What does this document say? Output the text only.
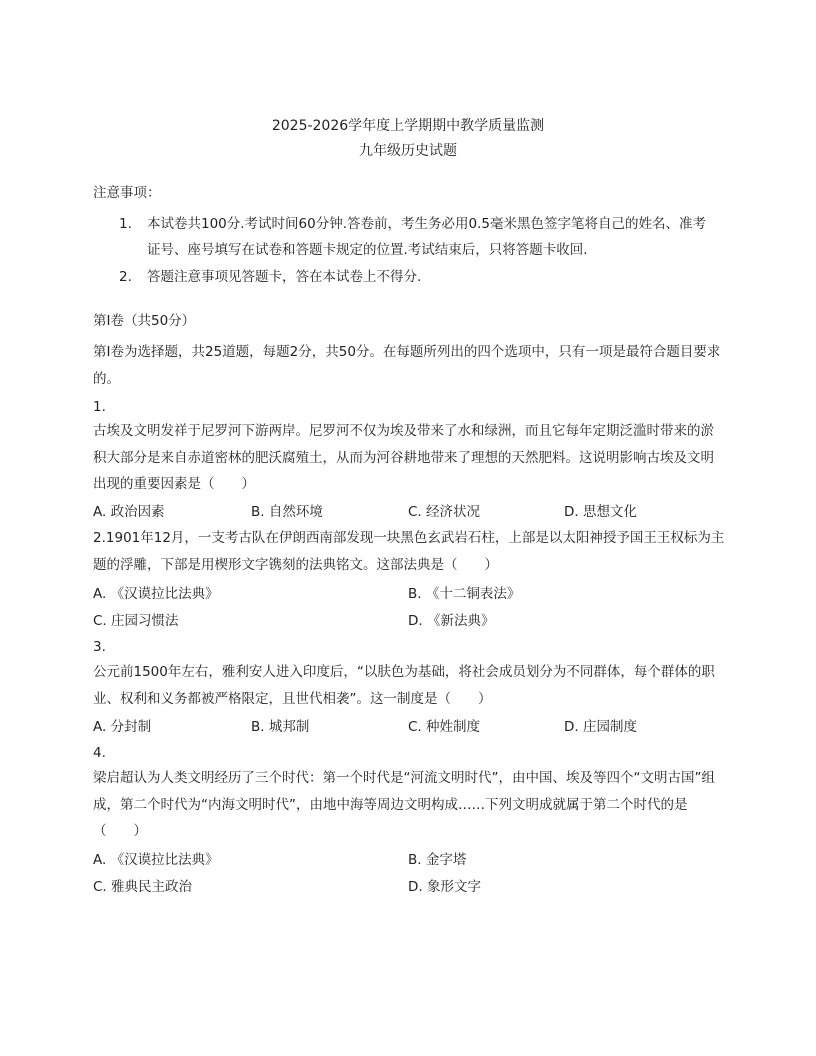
2025-2026学年度上学期期中教学质量监测
九年级历史试题
注意事项：
1.	本试卷共100分.考试时间60分钟.答卷前，考生务必用0.5毫米黑色签字笔将自己的姓名、准考证号、座号填写在试卷和答题卡规定的位置.考试结束后，只将答题卡收回.
2.	答题注意事项见答题卡，答在本试卷上不得分.
第Ⅰ卷（共50分）
第Ⅰ卷为选择题，共25道题，每题2分，共50分。在每题所列出的四个选项中，只有一项是最符合题目要求的。
1.
古埃及文明发祥于尼罗河下游两岸。尼罗河不仅为埃及带来了水和绿洲，而且它每年定期泛滥时带来的淤积大部分是来自赤道密林的肥沃腐殖土，从而为河谷耕地带来了理想的天然肥料。这说明影响古埃及文明出现的重要因素是（　　）
A. 政治因素	B. 自然环境	C. 经济状况	D. 思想文化
2.1901年12月，一支考古队在伊朗西南部发现一块黑色玄武岩石柱，上部是以太阳神授予国王王权标为主题的浮雕，下部是用楔形文字镌刻的法典铭文。这部法典是（　　）
A. 《汉谟拉比法典》	B. 《十二铜表法》
C. 庄园习惯法	D. 《新法典》
3.
公元前1500年左右，雅利安人进入印度后，“以肤色为基础，将社会成员划分为不同群体，每个群体的职业、权利和义务都被严格限定，且世代相袭”。这一制度是（　　）
A. 分封制	B. 城邦制	C. 种姓制度	D. 庄园制度
4.
梁启超认为人类文明经历了三个时代：第一个时代是“河流文明时代”，由中国、埃及等四个“文明古国”组成，第二个时代为“内海文明时代”，由地中海等周边文明构成……下列文明成就属于第二个时代的是（　　）
A. 《汉谟拉比法典》	B. 金字塔
C. 雅典民主政治	D. 象形文字
